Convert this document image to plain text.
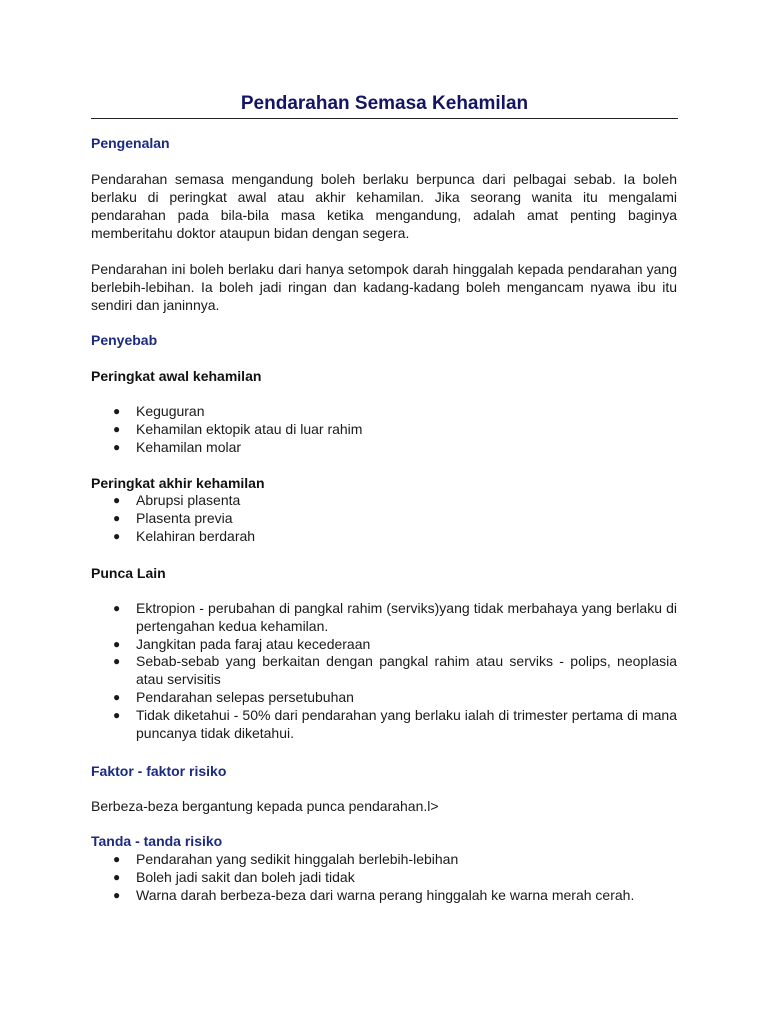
Pendarahan Semasa Kehamilan
Pengenalan

Pendarahan semasa mengandung boleh berlaku berpunca dari pelbagai sebab. Ia boleh berlaku di peringkat awal atau akhir kehamilan. Jika seorang wanita itu mengalami pendarahan pada bila-bila masa ketika mengandung, adalah amat penting baginya memberitahu doktor ataupun bidan dengan segera.

Pendarahan ini boleh berlaku dari hanya setompok darah hinggalah kepada pendarahan yang berlebih-lebihan. Ia boleh jadi ringan dan kadang-kadang boleh mengancam nyawa ibu itu sendiri dan janinnya.

Penyebab
Peringkat awal kehamilan
● Keguguran
● Kehamilan ektopik atau di luar rahim
● Kehamilan molar
Peringkat akhir kehamilan
● Abrupsi plasenta
● Plasenta previa
● Kelahiran berdarah
Punca Lain
● Ektropion - perubahan di pangkal rahim (serviks)yang tidak merbahaya yang berlaku di pertengahan kedua kehamilan.
● Jangkitan pada faraj atau kecederaan
● Sebab-sebab yang berkaitan dengan pangkal rahim atau serviks - polips, neoplasia atau servisitis
● Pendarahan selepas persetubuhan
● Tidak diketahui - 50% dari pendarahan yang berlaku ialah di trimester pertama di mana puncanya tidak diketahui.
Faktor - faktor risiko

Berbeza-beza bergantung kepada punca pendarahan.l>

Tanda - tanda risiko
● Pendarahan yang sedikit hinggalah berlebih-lebihan
● Boleh jadi sakit dan boleh jadi tidak
● Warna darah berbeza-beza dari warna perang hinggalah ke warna merah cerah.
